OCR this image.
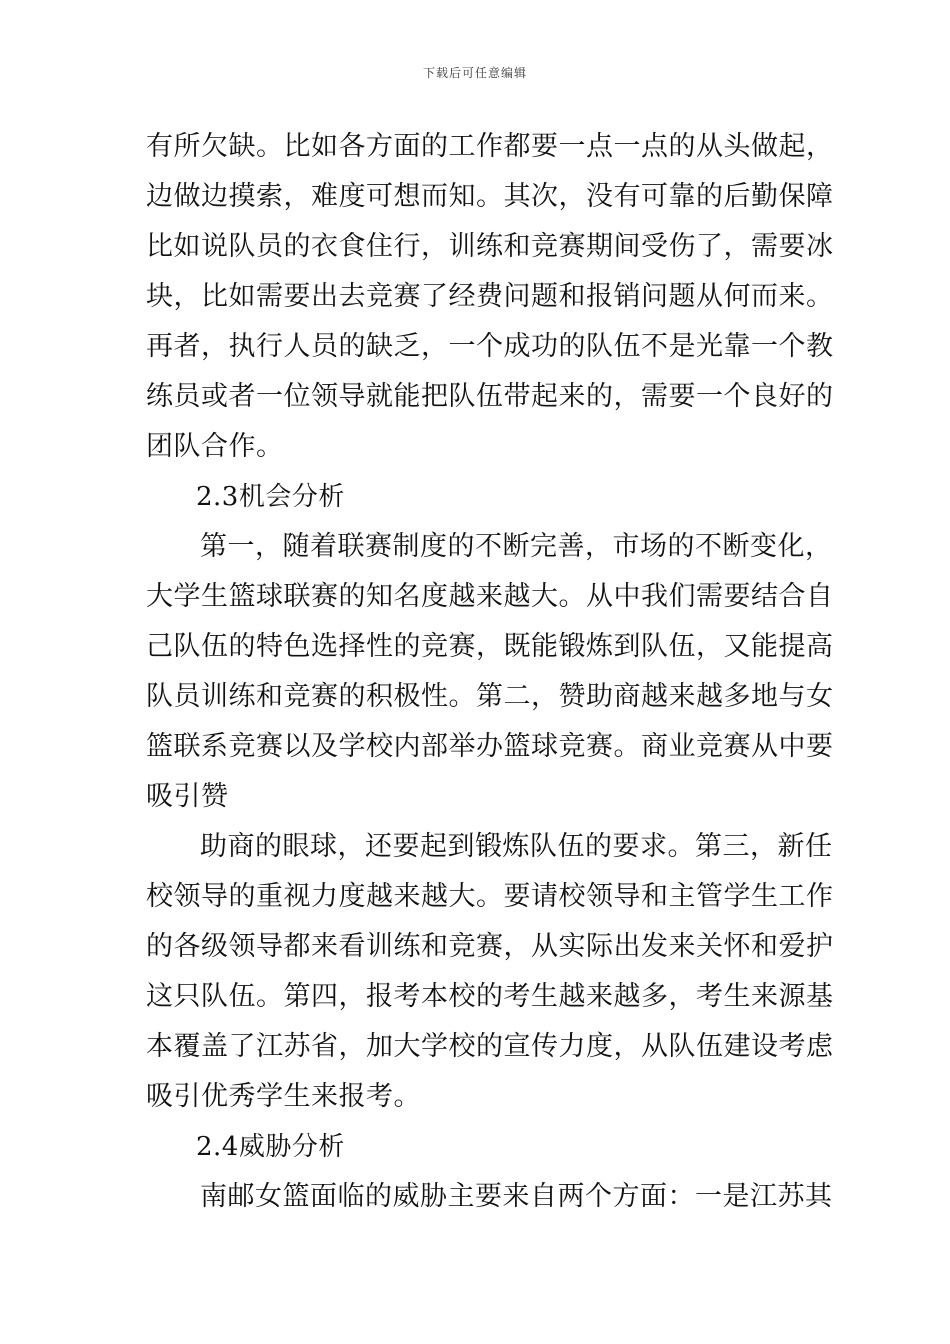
下载后可任意编辑
有所欠缺。比如各方面的工作都要一点一点的从头做起，
边做边摸索，难度可想而知。其次，没有可靠的后勤保障
比如说队员的衣食住行，训练和竞赛期间受伤了，需要冰
块，比如需要出去竞赛了经费问题和报销问题从何而来。
再者，执行人员的缺乏，一个成功的队伍不是光靠一个教
练员或者一位领导就能把队伍带起来的，需要一个良好的
团队合作。
2.3机会分析
第一，随着联赛制度的不断完善，市场的不断变化，
大学生篮球联赛的知名度越来越大。从中我们需要结合自
己队伍的特色选择性的竞赛，既能锻炼到队伍，又能提高
队员训练和竞赛的积极性。第二，赞助商越来越多地与女
篮联系竞赛以及学校内部举办篮球竞赛。商业竞赛从中要
吸引赞
助商的眼球，还要起到锻炼队伍的要求。第三，新任
校领导的重视力度越来越大。要请校领导和主管学生工作
的各级领导都来看训练和竞赛，从实际出发来关怀和爱护
这只队伍。第四，报考本校的考生越来越多，考生来源基
本覆盖了江苏省，加大学校的宣传力度，从队伍建设考虑
吸引优秀学生来报考。
2.4威胁分析
南邮女篮面临的威胁主要来自两个方面：一是江苏其
